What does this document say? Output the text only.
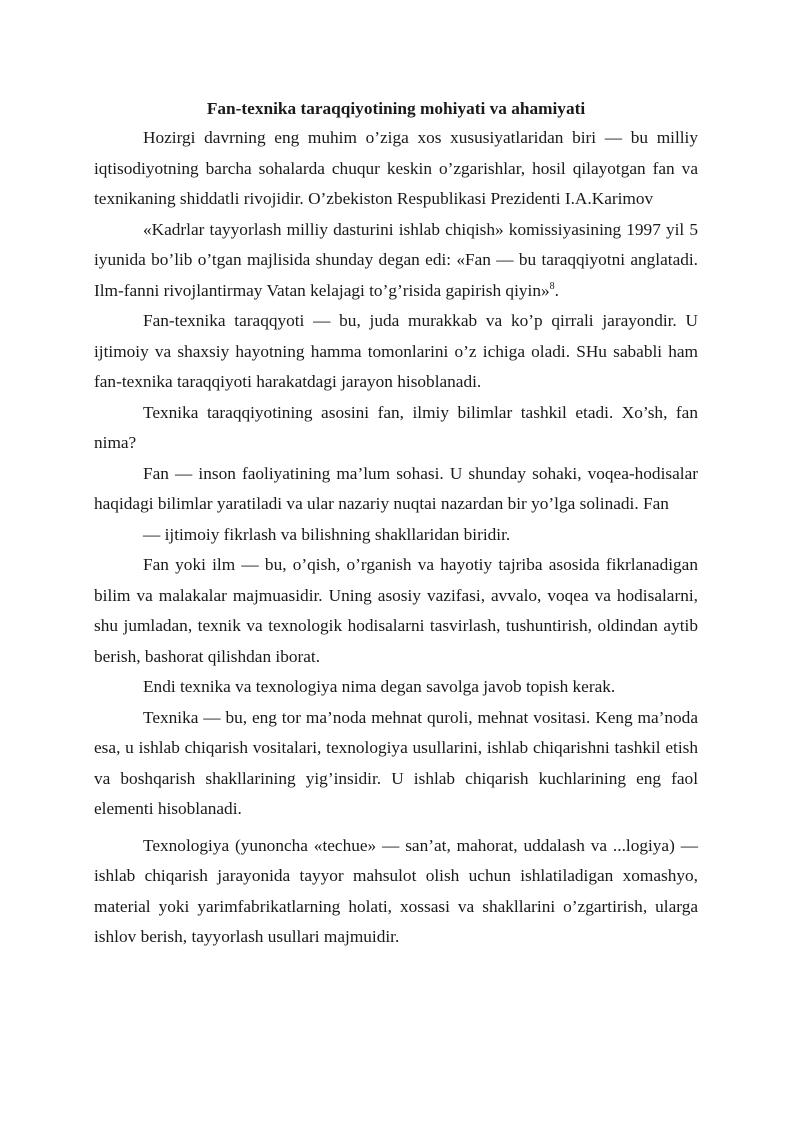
Fan-texnika taraqqiyotining mohiyati va ahamiyati

Hozirgi davrning eng muhim o’ziga xos xususiyatlaridan biri — bu milliy iqtisodiyotning barcha sohalarda chuqur keskin o’zgarishlar, hosil qilayotgan fan va texnikaning shiddatli rivojidir. O’zbekiston Respublikasi Prezidenti I.A.Karimov

«Kadrlar tayyorlash milliy dasturini ishlab chiqish» komissiyasining 1997 yil 5 iyunida bo’lib o’tgan majlisida shunday degan edi: «Fan — bu taraqqiyotni anglatadi. Ilm-fanni rivojlantirmay Vatan kelajagi to’g’risida gapirish qiyin»$^8$.

Fan-texnika taraqqyoti — bu, juda murakkab va ko’p qirrali jarayondir. U ijtimoiy va shaxsiy hayotning hamma tomonlarini o’z ichiga oladi. SHu sababli ham fan-texnika taraqqiyoti harakatdagi jarayon hisoblanadi.

Texnika taraqqiyotining asosini fan, ilmiy bilimlar tashkil etadi. Xo’sh, fan nima?

Fan — inson faoliyatining ma’lum sohasi. U shunday sohaki, voqea-hodisalar haqidagi bilimlar yaratiladi va ular nazariy nuqtai nazardan bir yo’lga solinadi. Fan

— ijtimoiy fikrlash va bilishning shakllaridan biridir.

Fan yoki ilm — bu, o’qish, o’rganish va hayotiy tajriba asosida fikrlanadigan bilim va malakalar majmuasidir. Uning asosiy vazifasi, avvalo, voqea va hodisalarni, shu jumladan, texnik va texnologik hodisalarni tasvirlash, tushuntirish, oldindan aytib berish, bashorat qilishdan iborat.

Endi texnika va texnologiya nima degan savolga javob topish kerak.

Texnika — bu, eng tor ma’noda mehnat quroli, mehnat vositasi. Keng ma’noda esa, u ishlab chiqarish vositalari, texnologiya usullarini, ishlab chiqarishni tashkil etish va boshqarish shakllarining yig’insidir. U ishlab chiqarish kuchlarining eng faol elementi hisoblanadi.

Texnologiya (yunoncha «techue» — san’at, mahorat, uddalash va ...logiya) — ishlab chiqarish jarayonida tayyor mahsulot olish uchun ishlatiladigan xomashyo, material yoki yarimfabrikatlarning holati, xossasi va shakllarini o’zgartirish, ularga ishlov berish, tayyorlash usullari majmuidir.
